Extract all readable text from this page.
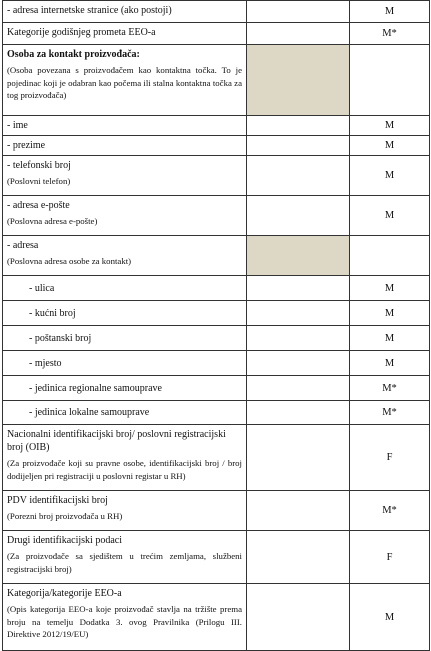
- adresa internetske stranice (ako postoji)		M
Kategorije godišnjeg prometa EEO-a		M*

Osoba za kontakt proizvođača:
(Osoba povezana s proizvođačem kao kontaktna točka. To je pojedinac koji je odabran kao počema ili stalna kontaktna točka za tog proizvođača)		

- ime		M
- prezime		M

- telefonski broj
(Poslovni telefon)		M

- adresa e-pošte
(Poslovna adresa e-pošte)		M

- adresa
(Poslovna adresa osobe za kontakt)		

- ulica		M
- kućni broj		M
- poštanski broj		M
- mjesto		M
- jedinica regionalne samouprave		M*
- jedinica lokalne samouprave		M*

Nacionalni identifikacijski broj/ poslovni registracijski broj (OIB)
(Za proizvođače koji su pravne osobe, identifikacijski broj / broj dodijeljen pri registraciji u poslovni registar u RH)		F

PDV identifikacijski broj
(Porezni broj proizvođača u RH)		M*

Drugi identifikacijski podaci
(Za proizvođače sa sjedištem u trećim zemljama, službeni registracijski broj)		F

Kategorija/kategorije EEO-a
(Opis kategorija EEO-a koje proizvođač stavlja na tržište prema broju na temelju Dodatka 3. ovog Pravilnika (Prilogu III. Direktive 2012/19/EU)		M
